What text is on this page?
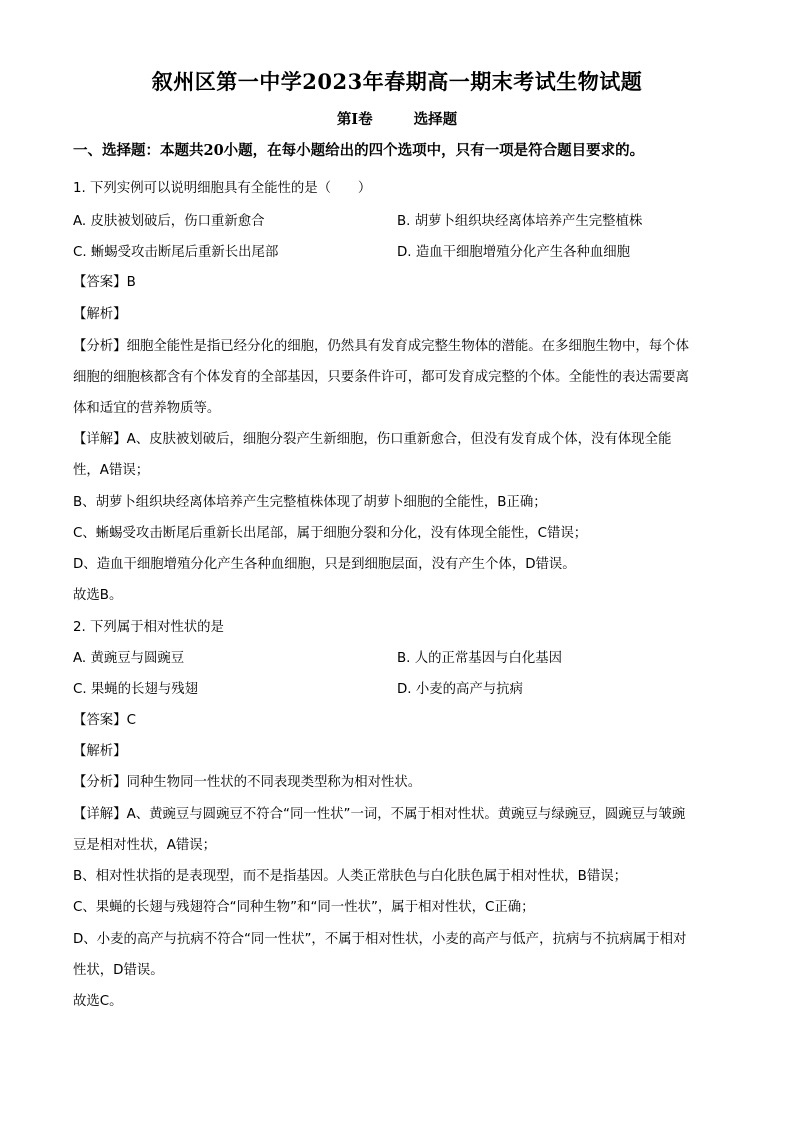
叙州区第一中学2023年春期高一期末考试生物试题
第I卷	选择题
一、选择题：本题共20小题，在每小题给出的四个选项中，只有一项是符合题目要求的。
1. 下列实例可以说明细胞具有全能性的是（　　）
A. 皮肤被划破后，伤口重新愈合	B. 胡萝卜组织块经离体培养产生完整植株
C. 蜥蜴受攻击断尾后重新长出尾部	D. 造血干细胞增殖分化产生各种血细胞
【答案】B
【解析】
【分析】细胞全能性是指已经分化的细胞，仍然具有发育成完整生物体的潜能。在多细胞生物中，每个体
细胞的细胞核都含有个体发育的全部基因，只要条件许可，都可发育成完整的个体。全能性的表达需要离
体和适宜的营养物质等。
【详解】A、皮肤被划破后，细胞分裂产生新细胞，伤口重新愈合，但没有发育成个体，没有体现全能
性，A错误；
B、胡萝卜组织块经离体培养产生完整植株体现了胡萝卜细胞的全能性，B正确；
C、蜥蜴受攻击断尾后重新长出尾部，属于细胞分裂和分化，没有体现全能性，C错误；
D、造血干细胞增殖分化产生各种血细胞，只是到细胞层面，没有产生个体，D错误。
故选B。
2. 下列属于相对性状的是
A. 黄豌豆与圆豌豆	B. 人的正常基因与白化基因
C. 果蝇的长翅与残翅	D. 小麦的高产与抗病
【答案】C
【解析】
【分析】同种生物同一性状的不同表现类型称为相对性状。
【详解】A、黄豌豆与圆豌豆不符合“同一性状”一词，不属于相对性状。黄豌豆与绿豌豆，圆豌豆与皱豌
豆是相对性状，A错误；
B、相对性状指的是表现型，而不是指基因。人类正常肤色与白化肤色属于相对性状，B错误；
C、果蝇的长翅与残翅符合“同种生物”和“同一性状”，属于相对性状，C正确；
D、小麦的高产与抗病不符合“同一性状”，不属于相对性状，小麦的高产与低产，抗病与不抗病属于相对
性状，D错误。
故选C。
